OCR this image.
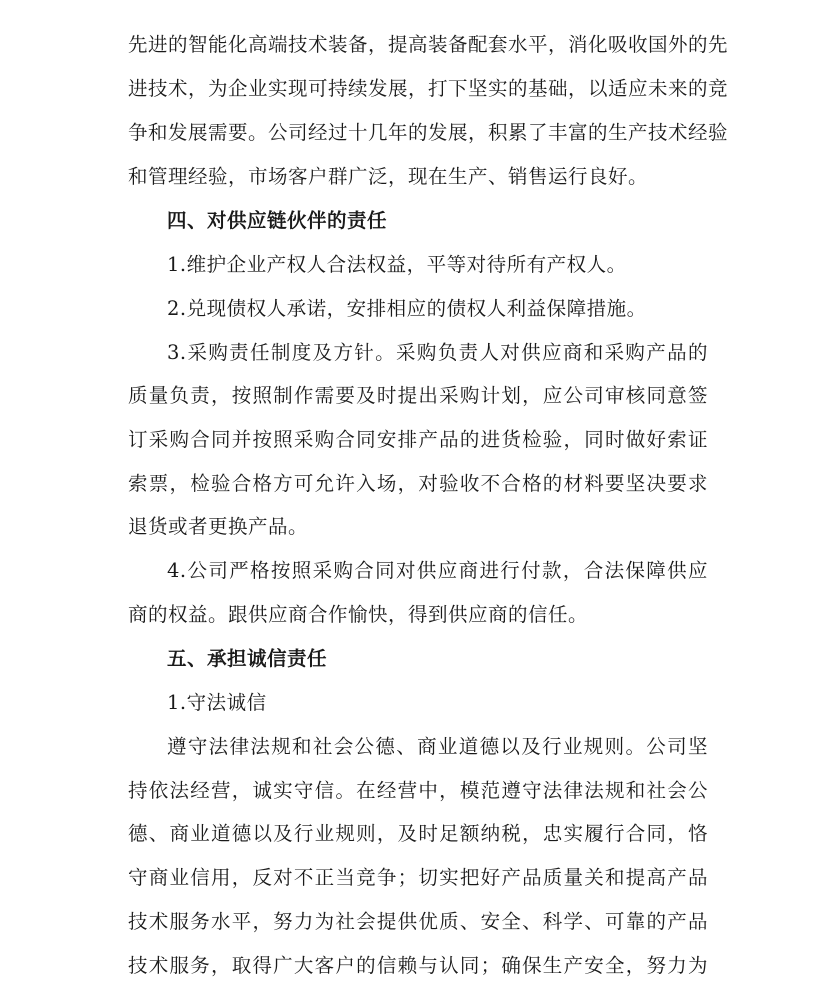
先进的智能化高端技术装备，提高装备配套水平，消化吸收国外的先
进技术，为企业实现可持续发展，打下坚实的基础，以适应未来的竞
争和发展需要。公司经过十几年的发展，积累了丰富的生产技术经验
和管理经验，市场客户群广泛，现在生产、销售运行良好。
四、对供应链伙伴的责任
1.维护企业产权人合法权益，平等对待所有产权人。
2.兑现债权人承诺，安排相应的债权人利益保障措施。
3.采购责任制度及方针。采购负责人对供应商和采购产品的
质量负责，按照制作需要及时提出采购计划，应公司审核同意签
订采购合同并按照采购合同安排产品的进货检验，同时做好索证
索票，检验合格方可允许入场，对验收不合格的材料要坚决要求
退货或者更换产品。
4.公司严格按照采购合同对供应商进行付款，合法保障供应
商的权益。跟供应商合作愉快，得到供应商的信任。
五、承担诚信责任
1.守法诚信
遵守法律法规和社会公德、商业道德以及行业规则。公司坚
持依法经营，诚实守信。在经营中，模范遵守法律法规和社会公
德、商业道德以及行业规则，及时足额纳税，忠实履行合同，恪
守商业信用，反对不正当竞争；切实把好产品质量关和提高产品
技术服务水平，努力为社会提供优质、安全、科学、可靠的产品
技术服务，取得广大客户的信赖与认同；确保生产安全，努力为
